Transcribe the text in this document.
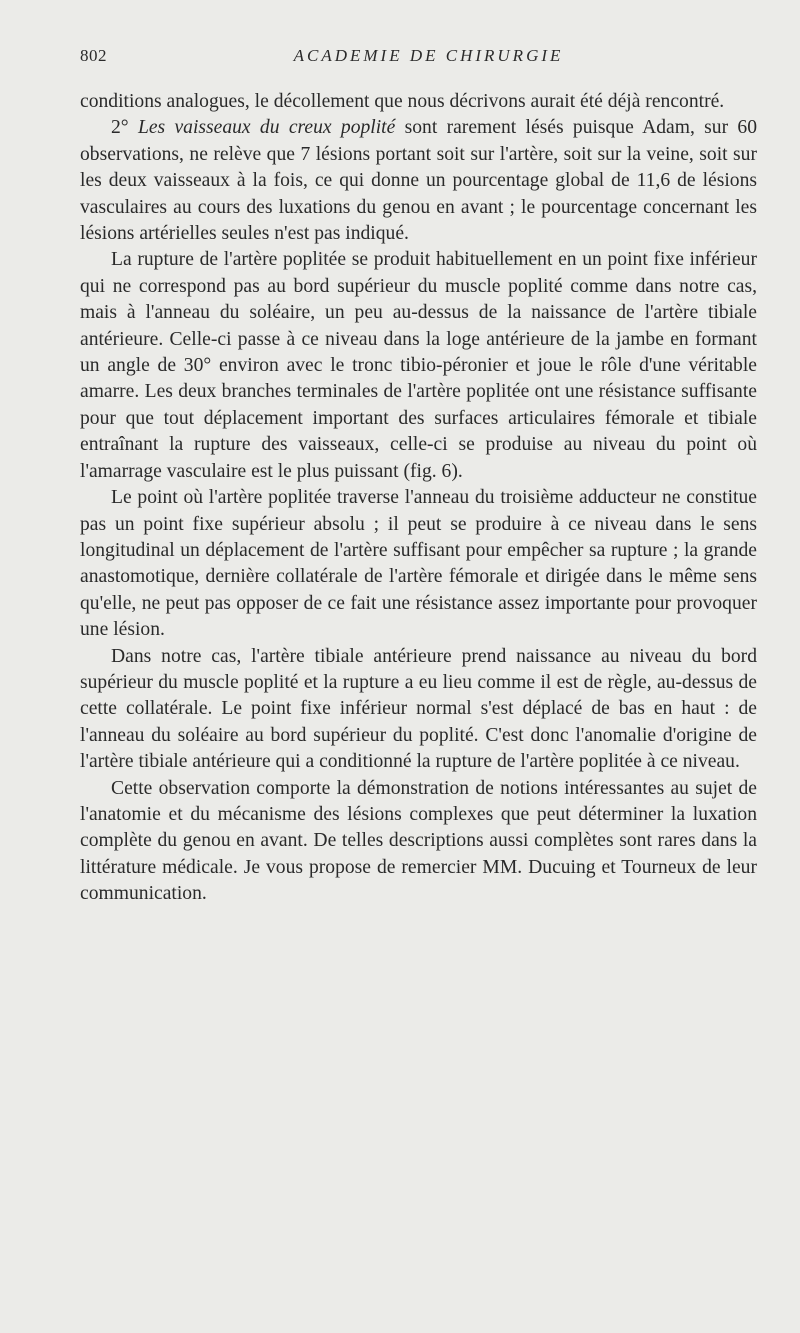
802	ACADEMIE DE CHIRURGIE

conditions analogues, le décollement que nous décrivons aurait été déjà rencontré.

2° Les vaisseaux du creux poplité sont rarement lésés puisque Adam, sur 60 observations, ne relève que 7 lésions portant soit sur l'artère, soit sur la veine, soit sur les deux vaisseaux à la fois, ce qui donne un pourcentage global de 11,6 de lésions vasculaires au cours des luxations du genou en avant ; le pourcentage concernant les lésions artérielles seules n'est pas indiqué.

La rupture de l'artère poplitée se produit habituellement en un point fixe inférieur qui ne correspond pas au bord supérieur du muscle poplité comme dans notre cas, mais à l'anneau du soléaire, un peu au-dessus de la naissance de l'artère tibiale antérieure. Celle-ci passe à ce niveau dans la loge antérieure de la jambe en formant un angle de 30° environ avec le tronc tibio-péronier et joue le rôle d'une véritable amarre. Les deux branches terminales de l'artère poplitée ont une résistance suffisante pour que tout déplacement important des surfaces articulaires fémorale et tibiale entraînant la rupture des vaisseaux, celle-ci se produise au niveau du point où l'amarrage vasculaire est le plus puissant (fig. 6).

Le point où l'artère poplitée traverse l'anneau du troisième adducteur ne constitue pas un point fixe supérieur absolu ; il peut se produire à ce niveau dans le sens longitudinal un déplacement de l'artère suffisant pour empêcher sa rupture ; la grande anastomotique, dernière collatérale de l'artère fémorale et dirigée dans le même sens qu'elle, ne peut pas opposer de ce fait une résistance assez importante pour provoquer une lésion.

Dans notre cas, l'artère tibiale antérieure prend naissance au niveau du bord supérieur du muscle poplité et la rupture a eu lieu comme il est de règle, au-dessus de cette collatérale. Le point fixe inférieur normal s'est déplacé de bas en haut : de l'anneau du soléaire au bord supérieur du poplité. C'est donc l'anomalie d'origine de l'artère tibiale antérieure qui a conditionné la rupture de l'artère poplitée à ce niveau.

Cette observation comporte la démonstration de notions intéressantes au sujet de l'anatomie et du mécanisme des lésions complexes que peut déterminer la luxation complète du genou en avant. De telles descriptions aussi complètes sont rares dans la littérature médicale. Je vous propose de remercier MM. Ducuing et Tourneux de leur communication.
